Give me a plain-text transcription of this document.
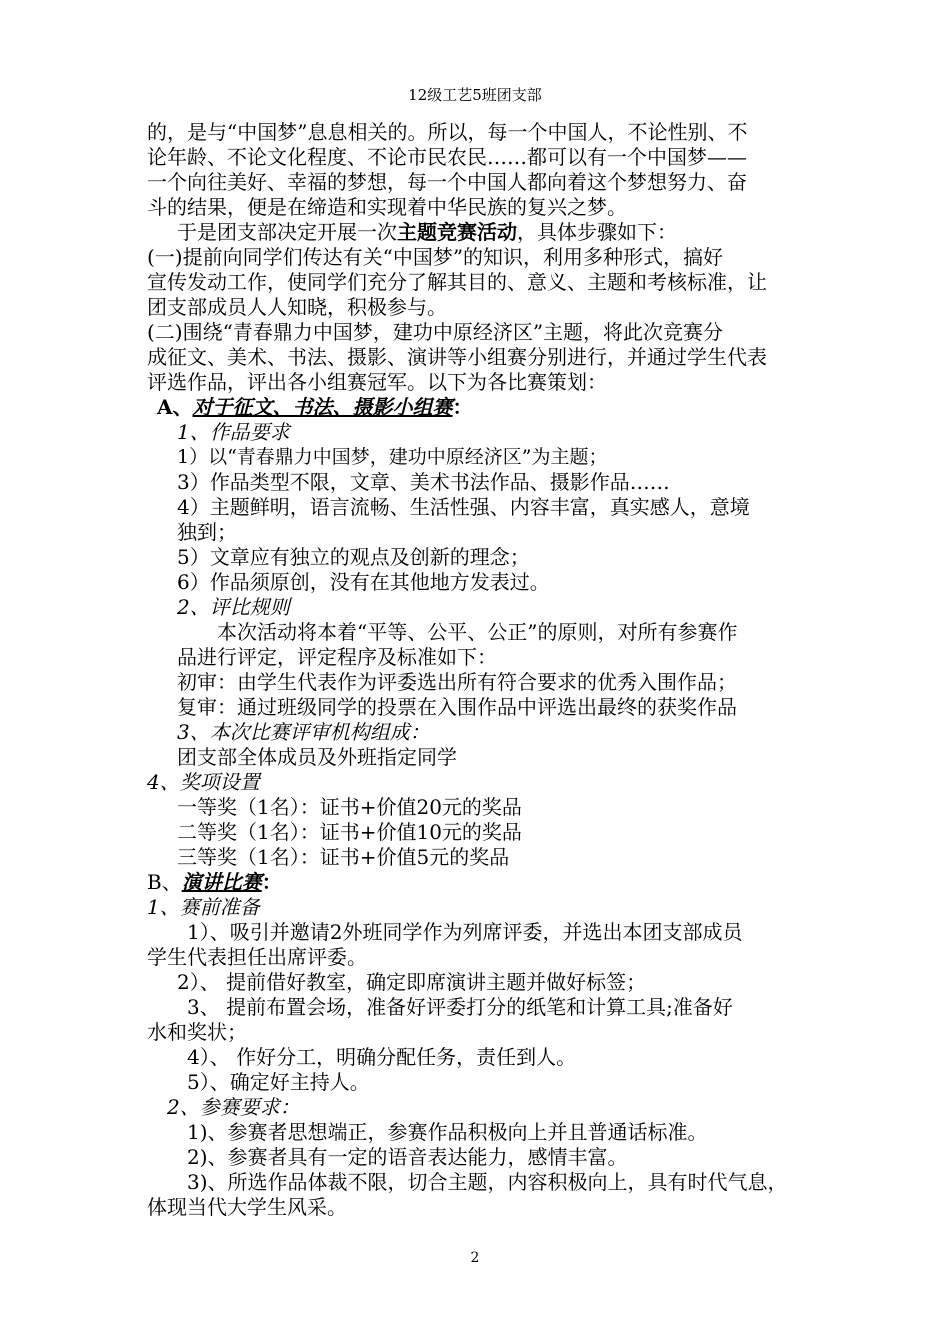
12级工艺5班团支部

的，是与“中国梦”息息相关的。所以，每一个中国人，不论性别、不

论年龄、不论文化程度、不论市民农民……都可以有一个中国梦——

一个向往美好、幸福的梦想，每一个中国人都向着这个梦想努力、奋

斗的结果，便是在缔造和实现着中华民族的复兴之梦。

于是团支部决定开展一次主题竞赛活动，具体步骤如下：

(一)提前向同学们传达有关“中国梦”的知识，利用多种形式，搞好

宣传发动工作，使同学们充分了解其目的、意义、主题和考核标准，让

团支部成员人人知晓，积极参与。

(二)围绕“青春鼎力中国梦，建功中原经济区”主题，将此次竞赛分

成征文、美术、书法、摄影、演讲等小组赛分别进行，并通过学生代表

评选作品，评出各小组赛冠军。以下为各比赛策划：

A、对于征文、书法、摄影小组赛：

1、作品要求

1）以“青春鼎力中国梦，建功中原经济区”为主题；

3）作品类型不限，文章、美术书法作品、摄影作品……

4）主题鲜明，语言流畅、生活性强、内容丰富，真实感人，意境

独到；

5）文章应有独立的观点及创新的理念；

6）作品须原创，没有在其他地方发表过。

2、评比规则

本次活动将本着“平等、公平、公正”的原则，对所有参赛作

品进行评定，评定程序及标准如下：

初审：由学生代表作为评委选出所有符合要求的优秀入围作品；

复审：通过班级同学的投票在入围作品中评选出最终的获奖作品

3、本次比赛评审机构组成：

团支部全体成员及外班指定同学

4、奖项设置

一等奖（1名）：证书+价值20元的奖品

二等奖（1名）：证书+价值10元的奖品

三等奖（1名）：证书+价值5元的奖品

B、演讲比赛：

1、赛前准备

1）、吸引并邀请2外班同学作为列席评委，并选出本团支部成员

学生代表担任出席评委。

2）、 提前借好教室，确定即席演讲主题并做好标签；

3、 提前布置会场，准备好评委打分的纸笔和计算工具;准备好

水和奖状；

4）、 作好分工，明确分配任务，责任到人。

5）、确定好主持人。

2、参赛要求：

1)、参赛者思想端正，参赛作品积极向上并且普通话标准。

2)、参赛者具有一定的语音表达能力，感情丰富。

3)、所选作品体裁不限，切合主题，内容积极向上，具有时代气息，

体现当代大学生风采。

2
